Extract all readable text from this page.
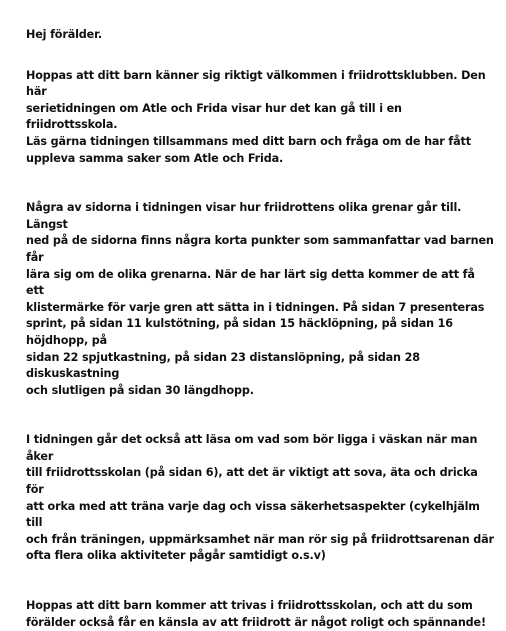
Hej förälder.

Hoppas att ditt barn känner sig riktigt välkommen i friidrottsklubben. Den här
serietidningen om Atle och Frida visar hur det kan gå till i en friidrottsskola.
Läs gärna tidningen tillsammans med ditt barn och fråga om de har fått
uppleva samma saker som Atle och Frida.

Några av sidorna i tidningen visar hur friidrottens olika grenar går till. Längst
ned på de sidorna finns några korta punkter som sammanfattar vad barnen får
lära sig om de olika grenarna. När de har lärt sig detta kommer de att få ett
klistermärke för varje gren att sätta in i tidningen. På sidan 7 presenteras
sprint, på sidan 11 kulstötning, på sidan 15 häcklöpning, på sidan 16 höjdhopp, på
sidan 22 spjutkastning, på sidan 23 distanslöpning, på sidan 28 diskuskastning
och slutligen på sidan 30 längdhopp.

I tidningen går det också att läsa om vad som bör ligga i väskan när man åker
till friidrottsskolan (på sidan 6), att det är viktigt att sova, äta och dricka för
att orka med att träna varje dag och vissa säkerhetsaspekter (cykelhjälm till
och från träningen, uppmärksamhet när man rör sig på friidrottsarenan där
ofta flera olika aktiviteter pågår samtidigt o.s.v)

Hoppas att ditt barn kommer att trivas i friidrottsskolan, och att du som
förälder också får en känsla av att friidrott är något roligt och spännande!
